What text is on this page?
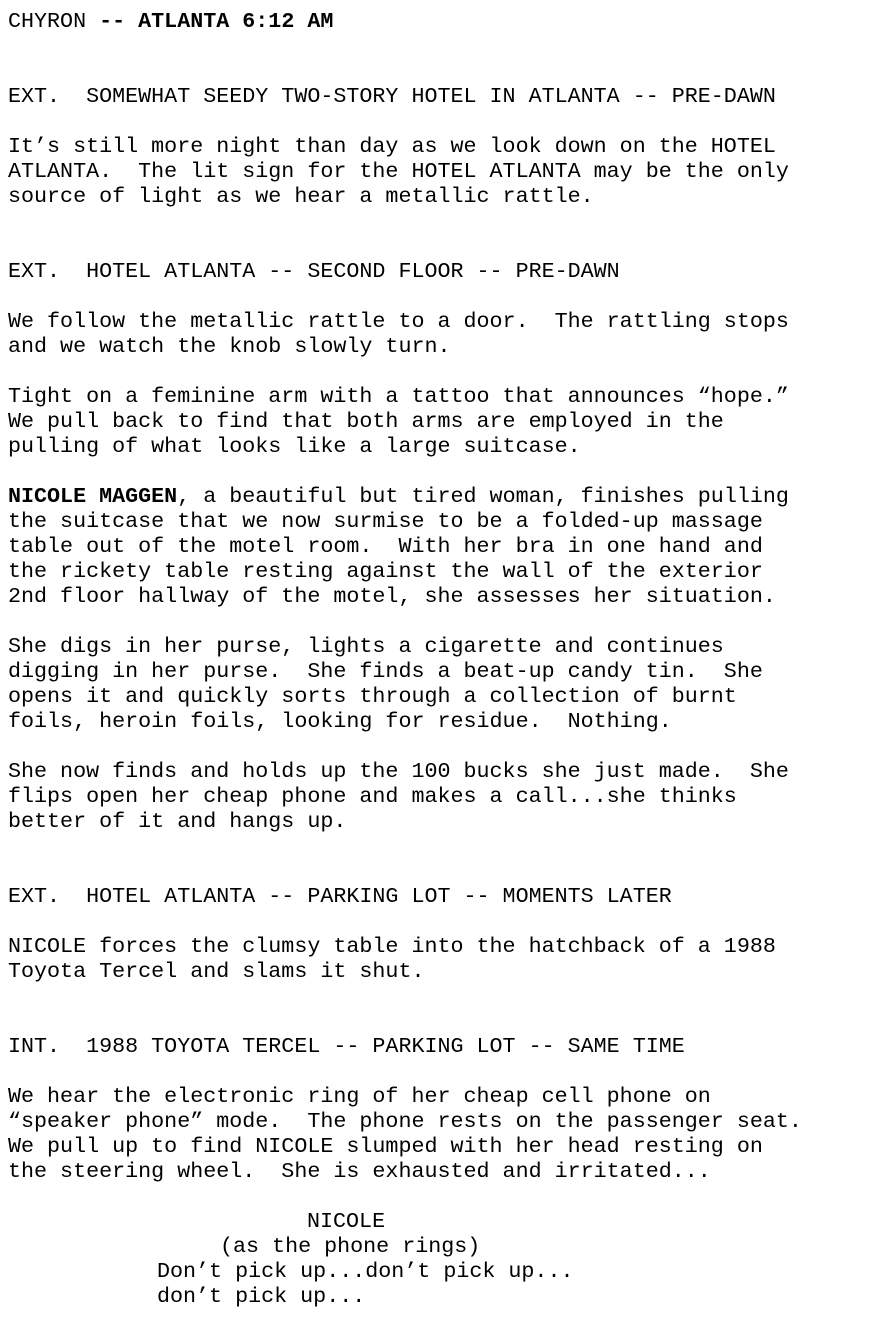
CHYRON -- ATLANTA 6:12 AM

EXT.  SOMEWHAT SEEDY TWO-STORY HOTEL IN ATLANTA -- PRE-DAWN

It’s still more night than day as we look down on the HOTEL

ATLANTA.  The lit sign for the HOTEL ATLANTA may be the only

source of light as we hear a metallic rattle.

EXT.  HOTEL ATLANTA -- SECOND FLOOR -- PRE-DAWN

We follow the metallic rattle to a door.  The rattling stops

and we watch the knob slowly turn.

Tight on a feminine arm with a tattoo that announces “hope.”

We pull back to find that both arms are employed in the

pulling of what looks like a large suitcase.

NICOLE MAGGEN, a beautiful but tired woman, finishes pulling

the suitcase that we now surmise to be a folded-up massage

table out of the motel room.  With her bra in one hand and

the rickety table resting against the wall of the exterior

2nd floor hallway of the motel, she assesses her situation.

She digs in her purse, lights a cigarette and continues

digging in her purse.  She finds a beat-up candy tin.  She

opens it and quickly sorts through a collection of burnt

foils, heroin foils, looking for residue.  Nothing.

She now finds and holds up the 100 bucks she just made.  She

flips open her cheap phone and makes a call...she thinks

better of it and hangs up.

EXT.  HOTEL ATLANTA -- PARKING LOT -- MOMENTS LATER

NICOLE forces the clumsy table into the hatchback of a 1988

Toyota Tercel and slams it shut.

INT.  1988 TOYOTA TERCEL -- PARKING LOT -- SAME TIME

We hear the electronic ring of her cheap cell phone on

“speaker phone” mode.  The phone rests on the passenger seat.

We pull up to find NICOLE slumped with her head resting on

the steering wheel.  She is exhausted and irritated...

NICOLE

(as the phone rings)

Don’t pick up...don’t pick up...

don’t pick up...
